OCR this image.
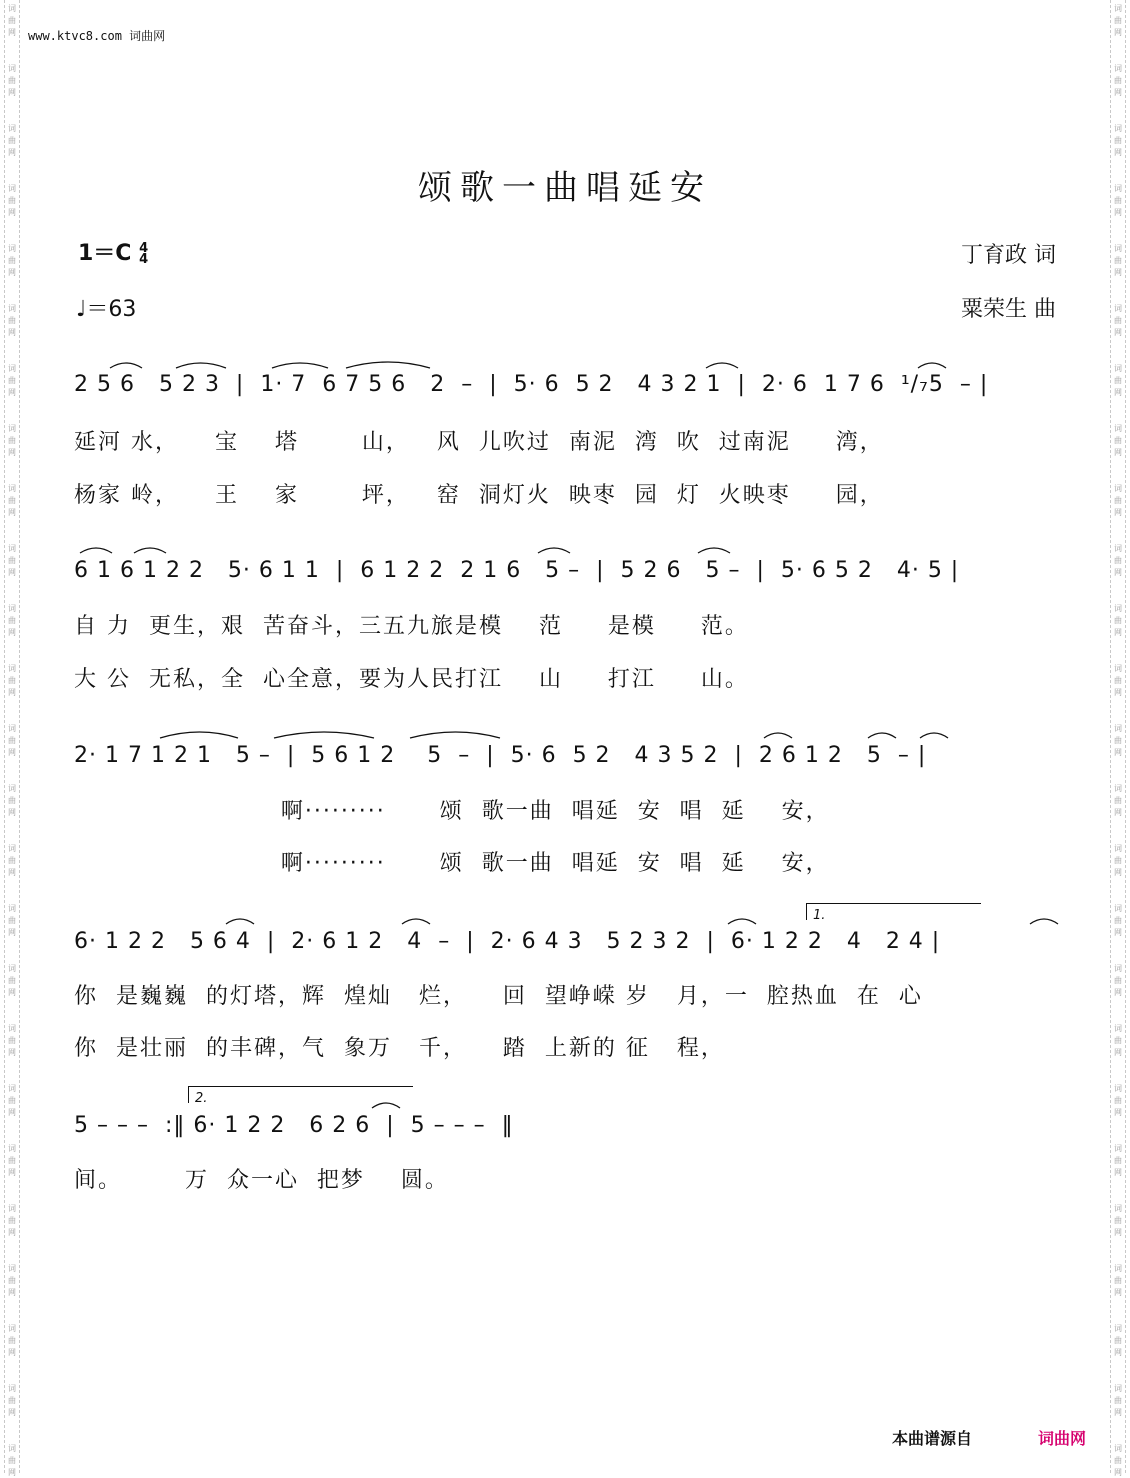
词
曲
网
词
曲
网
词
曲
网
词
曲
网
词
曲
网
词
曲
网
词
曲
网
词
曲
网
词
曲
网
词
曲
网
词
曲
网
词
曲
网
词
曲
网
词
曲
网
词
曲
网
词
曲
网
词
曲
网
词
曲
网
词
曲
网
词
曲
网
词
曲
网
词
曲
网
词
曲
网
词
曲
网
词
曲
网
词
曲
网
词
曲
网
词
曲
网
词
曲
网
词
曲
网
词
曲
网
词
曲
网
词
曲
网
词
曲
网
词
曲
网
词
曲
网
词
曲
网
词
曲
网
词
曲
网
词
曲
网
词
曲
网
词
曲
网
词
曲
网
词
曲
网
词
曲
网
词
曲
网
词
曲
网
词
曲
网
词
曲
网
词
曲
网
www.ktvc8.com 词曲网
颂歌一曲唱延安
1＝C 4
4
♩＝63
丁育政 词
粟荣生 曲
2 5 6   5 2 3  |  1· 7  6 7 5 6   2  –  |  5· 6  5 2   4 3 2 1  |  2· 6  1 7 6  ¹/₇5  – |
延河 水，    宝    塔       山，   风  儿吹过  南泥  湾  吹  过南泥     湾，
杨家 岭，    王    家       坪，   窑  洞灯火  映枣  园  灯  火映枣     园，
6 1 6 1 2 2   5· 6 1 1  |  6 1 2 2  2 1 6   5 –  |  5 2 6   5 –  |  5· 6 5 2   4· 5 |
自 力  更生，艰  苦奋斗，三五九旅是模    范     是模     范。
大 公  无私，全  心全意，要为人民打江    山     打江     山。
2· 1 7 1 2 1   5 –  |  5 6 1 2    5  –  |  5· 6  5 2   4 3 5 2  |  2 6 1 2   5  – |
啊·········      颂  歌一曲  唱延  安  唱  延    安，
啊·········      颂  歌一曲  唱延  安  唱  延    安，
1.
6· 1 2 2   5 6 4  |  2· 6 1 2   4  –  |  2· 6 4 3   5 2 3 2  |  6· 1 2 2   4   2 4 |
你  是巍巍  的灯塔，辉  煌灿   烂，    回  望峥嵘 岁   月，一  腔热血  在  心
你  是壮丽  的丰碑，气  象万   千，    踏  上新的 征   程，
2.
5 – – –  :‖ 6· 1 2 2   6 2 6  |  5 – – –  ‖
间。       万  众一心  把梦    圆。
本曲谱源自	词曲网
